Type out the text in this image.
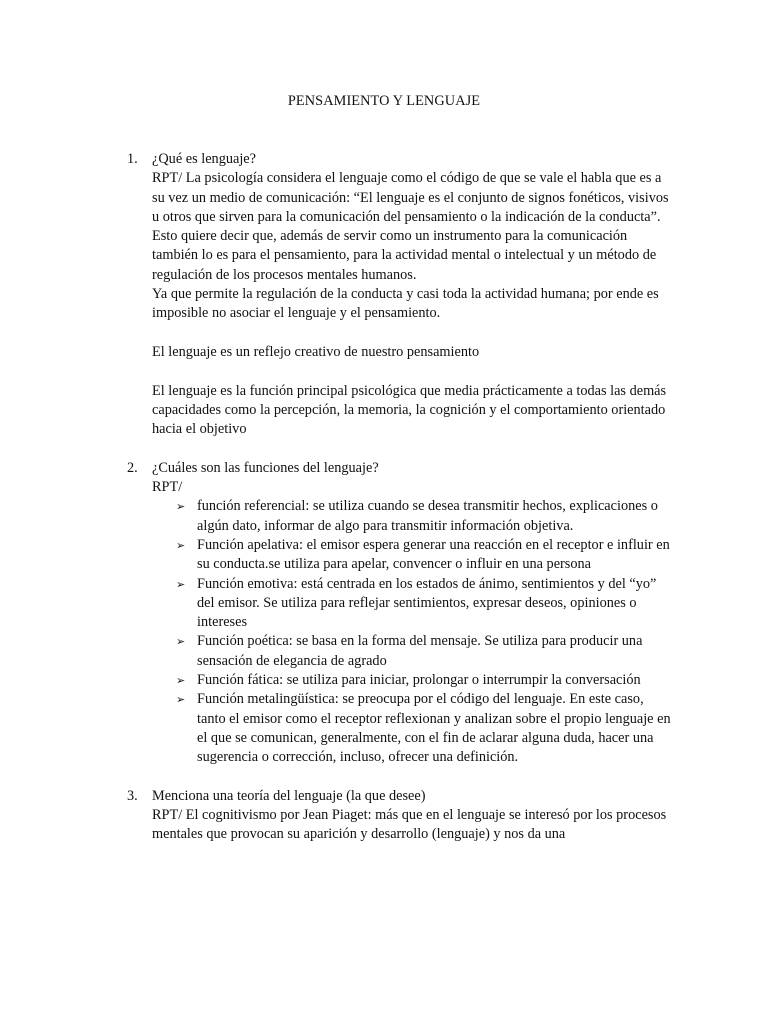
PENSAMIENTO Y LENGUAJE
1. ¿Qué es lenguaje?

RPT/ La psicología considera el lenguaje como el código de que se vale el habla que es a su vez un medio de comunicación: “El lenguaje es el conjunto de signos fonéticos, visivos u otros que sirven para la comunicación del pensamiento o la indicación de la conducta”.

Esto quiere decir que, además de servir como un instrumento para la comunicación también lo es para el pensamiento, para la actividad mental o intelectual y un método de regulación de los procesos mentales humanos.

Ya que permite la regulación de la conducta y casi toda la actividad humana; por ende es imposible no asociar el lenguaje y el pensamiento.

El lenguaje es un reflejo creativo de nuestro pensamiento

El lenguaje es la función principal psicológica que media prácticamente a todas las demás capacidades como la percepción, la memoria, la cognición y el comportamiento orientado hacia el objetivo

2. ¿Cuáles son las funciones del lenguaje?

RPT/

➢ función referencial: se utiliza cuando se desea transmitir hechos, explicaciones o algún dato, informar de algo para transmitir información objetiva.
➢ Función apelativa: el emisor espera generar una reacción en el receptor e influir en su conducta.se utiliza para apelar, convencer o influir en una persona
➢ Función emotiva: está centrada en los estados de ánimo, sentimientos y del “yo” del emisor. Se utiliza para reflejar sentimientos, expresar deseos, opiniones o intereses
➢ Función poética: se basa en la forma del mensaje. Se utiliza para producir una sensación de elegancia de agrado
➢ Función fática: se utiliza para iniciar, prolongar o interrumpir la conversación
➢ Función metalingüística: se preocupa por el código del lenguaje. En este caso, tanto el emisor como el receptor reflexionan y analizan sobre el propio lenguaje en el que se comunican, generalmente, con el fin de aclarar alguna duda, hacer una sugerencia o corrección, incluso, ofrecer una definición.
3. Menciona una teoría del lenguaje (la que desee)

RPT/ El cognitivismo por Jean Piaget: más que en el lenguaje se interesó por los procesos mentales que provocan su aparición y desarrollo (lenguaje) y nos da una
